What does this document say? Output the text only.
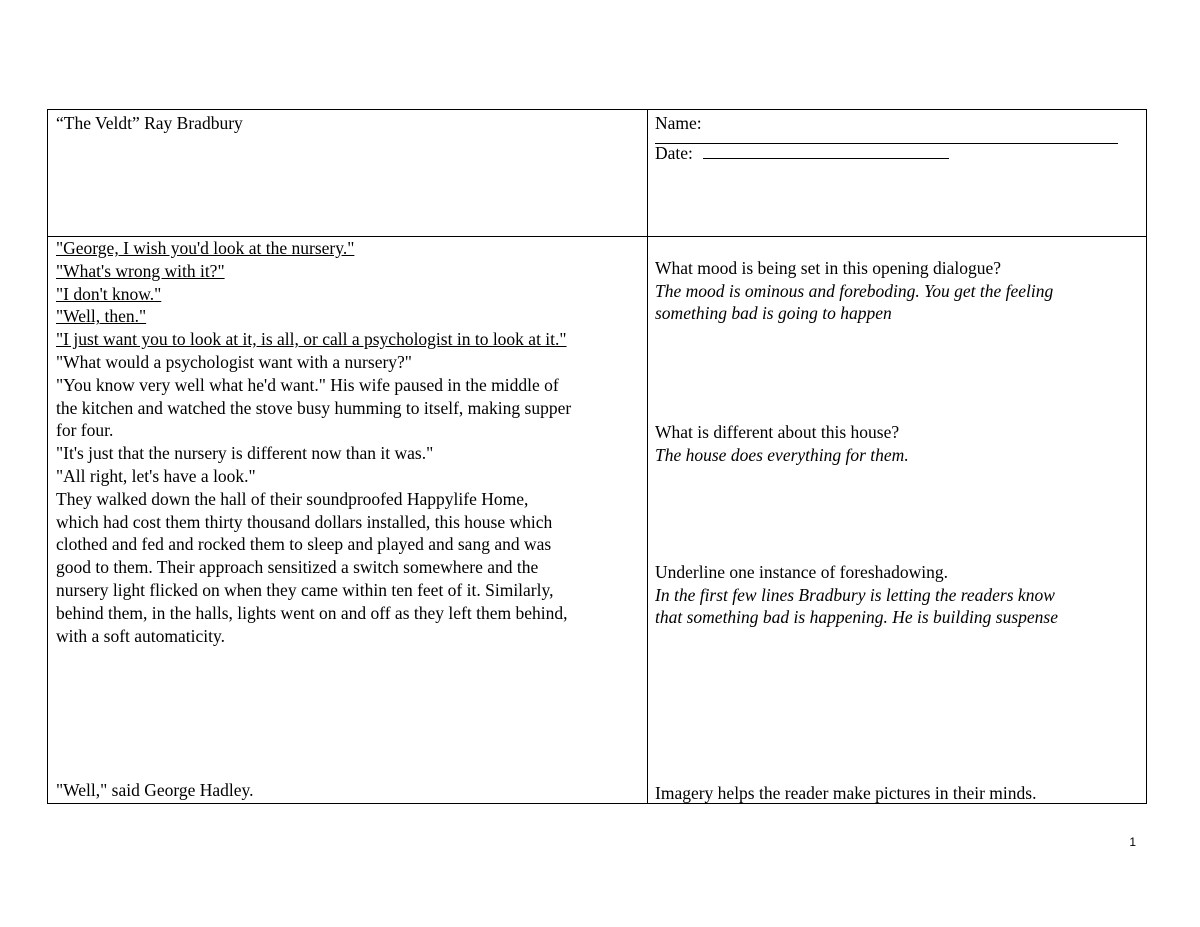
“The Veldt” Ray Bradbury	Name:
Date:
"George, I wish you'd look at the nursery."
"What's wrong with it?"
"I don't know."
"Well, then."
"I just want you to look at it, is all, or call a psychologist in to look at it."
"What would a psychologist want with a nursery?"
"You know very well what he'd want." His wife paused in the middle of
the kitchen and watched the stove busy humming to itself, making supper
for four.
"It's just that the nursery is different now than it was."
"All right, let's have a look."
They walked down the hall of their soundproofed Happylife Home,
which had cost them thirty thousand dollars installed, this house which
clothed and fed and rocked them to sleep and played and sang and was
good to them. Their approach sensitized a switch somewhere and the
nursery light flicked on when they came within ten feet of it. Similarly,
behind them, in the halls, lights went on and off as they left them behind,
with a soft automaticity.
"Well," said George Hadley.
What mood is being set in this opening dialogue?
The mood is ominous and foreboding. You get the feeling
something bad is going to happen
What is different about this house?
The house does everything for them.
Underline one instance of foreshadowing.
In the first few lines Bradbury is letting the readers know
that something bad is happening. He is building suspense
Imagery helps the reader make pictures in their minds.
1
